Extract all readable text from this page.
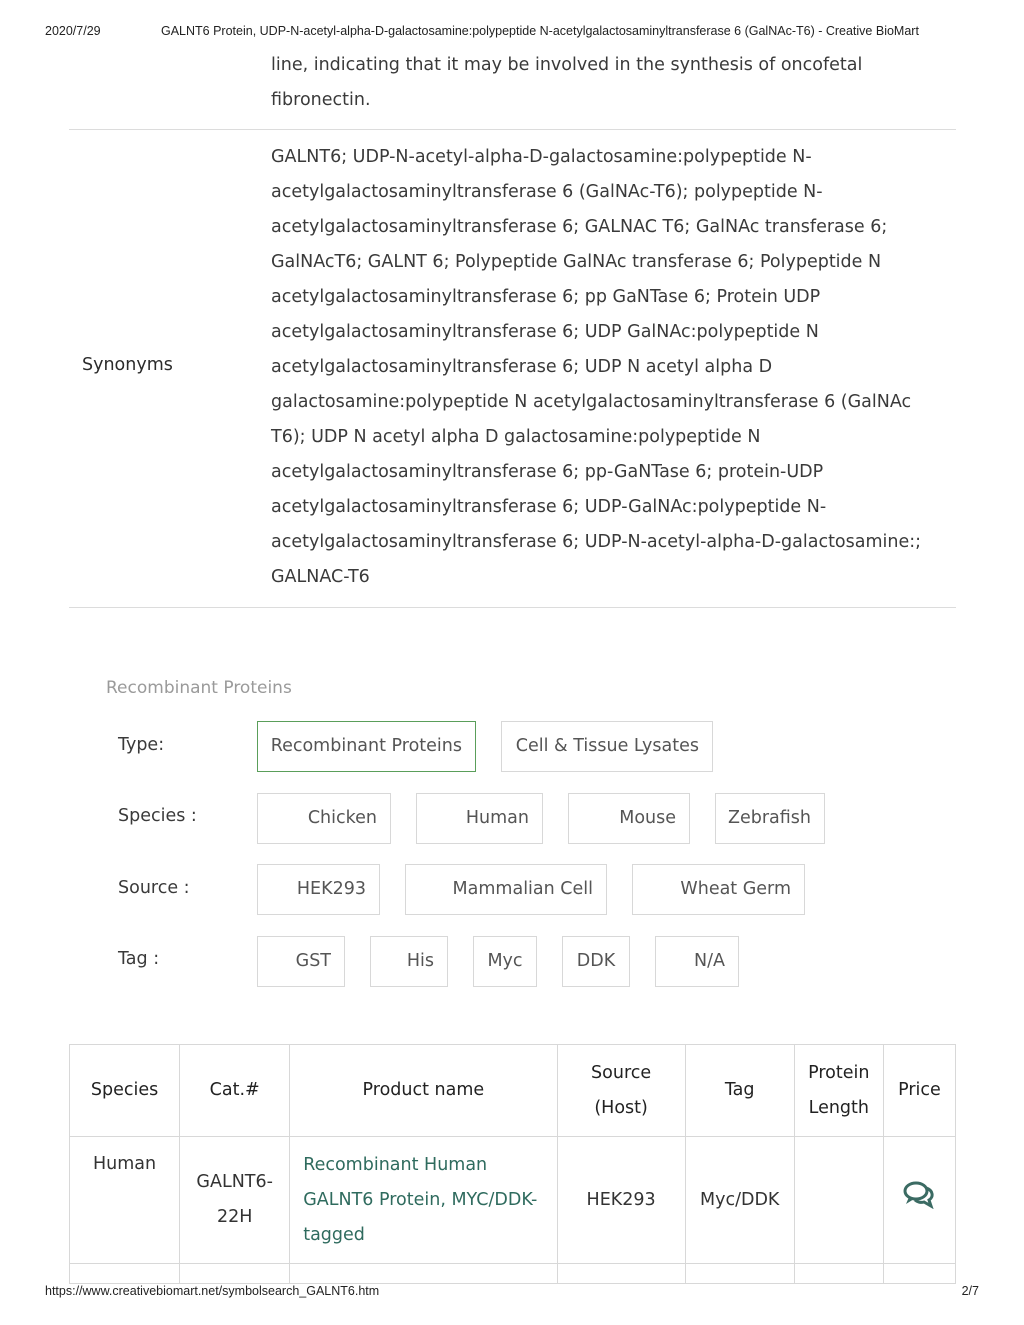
2020/7/29	GALNT6 Protein, UDP-N-acetyl-alpha-D-galactosamine:polypeptide N-acetylgalactosaminyltransferase 6 (GalNAc-T6) - Creative BioMart
line, indicating that it may be involved in the synthesis of oncofetal fibronectin.
Synonyms
GALNT6; UDP-N-acetyl-alpha-D-galactosamine:polypeptide N-acetylgalactosaminyltransferase 6 (GalNAc-T6); polypeptide N-acetylgalactosaminyltransferase 6; GALNAC T6; GalNAc transferase 6; GalNAcT6; GALNT 6; Polypeptide GalNAc transferase 6; Polypeptide N acetylgalactosaminyltransferase 6; pp GaNTase 6; Protein UDP acetylgalactosaminyltransferase 6; UDP GalNAc:polypeptide N acetylgalactosaminyltransferase 6; UDP N acetyl alpha D galactosamine:polypeptide N acetylgalactosaminyltransferase 6 (GalNAc T6); UDP N acetyl alpha D galactosamine:polypeptide N acetylgalactosaminyltransferase 6; pp-GaNTase 6; protein-UDP acetylgalactosaminyltransferase 6; UDP-GalNAc:polypeptide N-acetylgalactosaminyltransferase 6; UDP-N-acetyl-alpha-D-galactosamine:; GALNAC-T6
Recombinant Proteins
Type:	Recombinant Proteins	Cell & Tissue Lysates
Species :	Chicken	Human	Mouse	Zebrafish
Source :	HEK293	Mammalian Cell	Wheat Germ
Tag :	GST	His	Myc	DDK	N/A
Species	Cat.#	Product name	Source (Host)	Tag	Protein Length	Price
Human	GALNT6-22H	Recombinant Human GALNT6 Protein, MYC/DDK-tagged	HEK293	Myc/DDK		

https://www.creativebiomart.net/symbolsearch_GALNT6.htm	2/7
